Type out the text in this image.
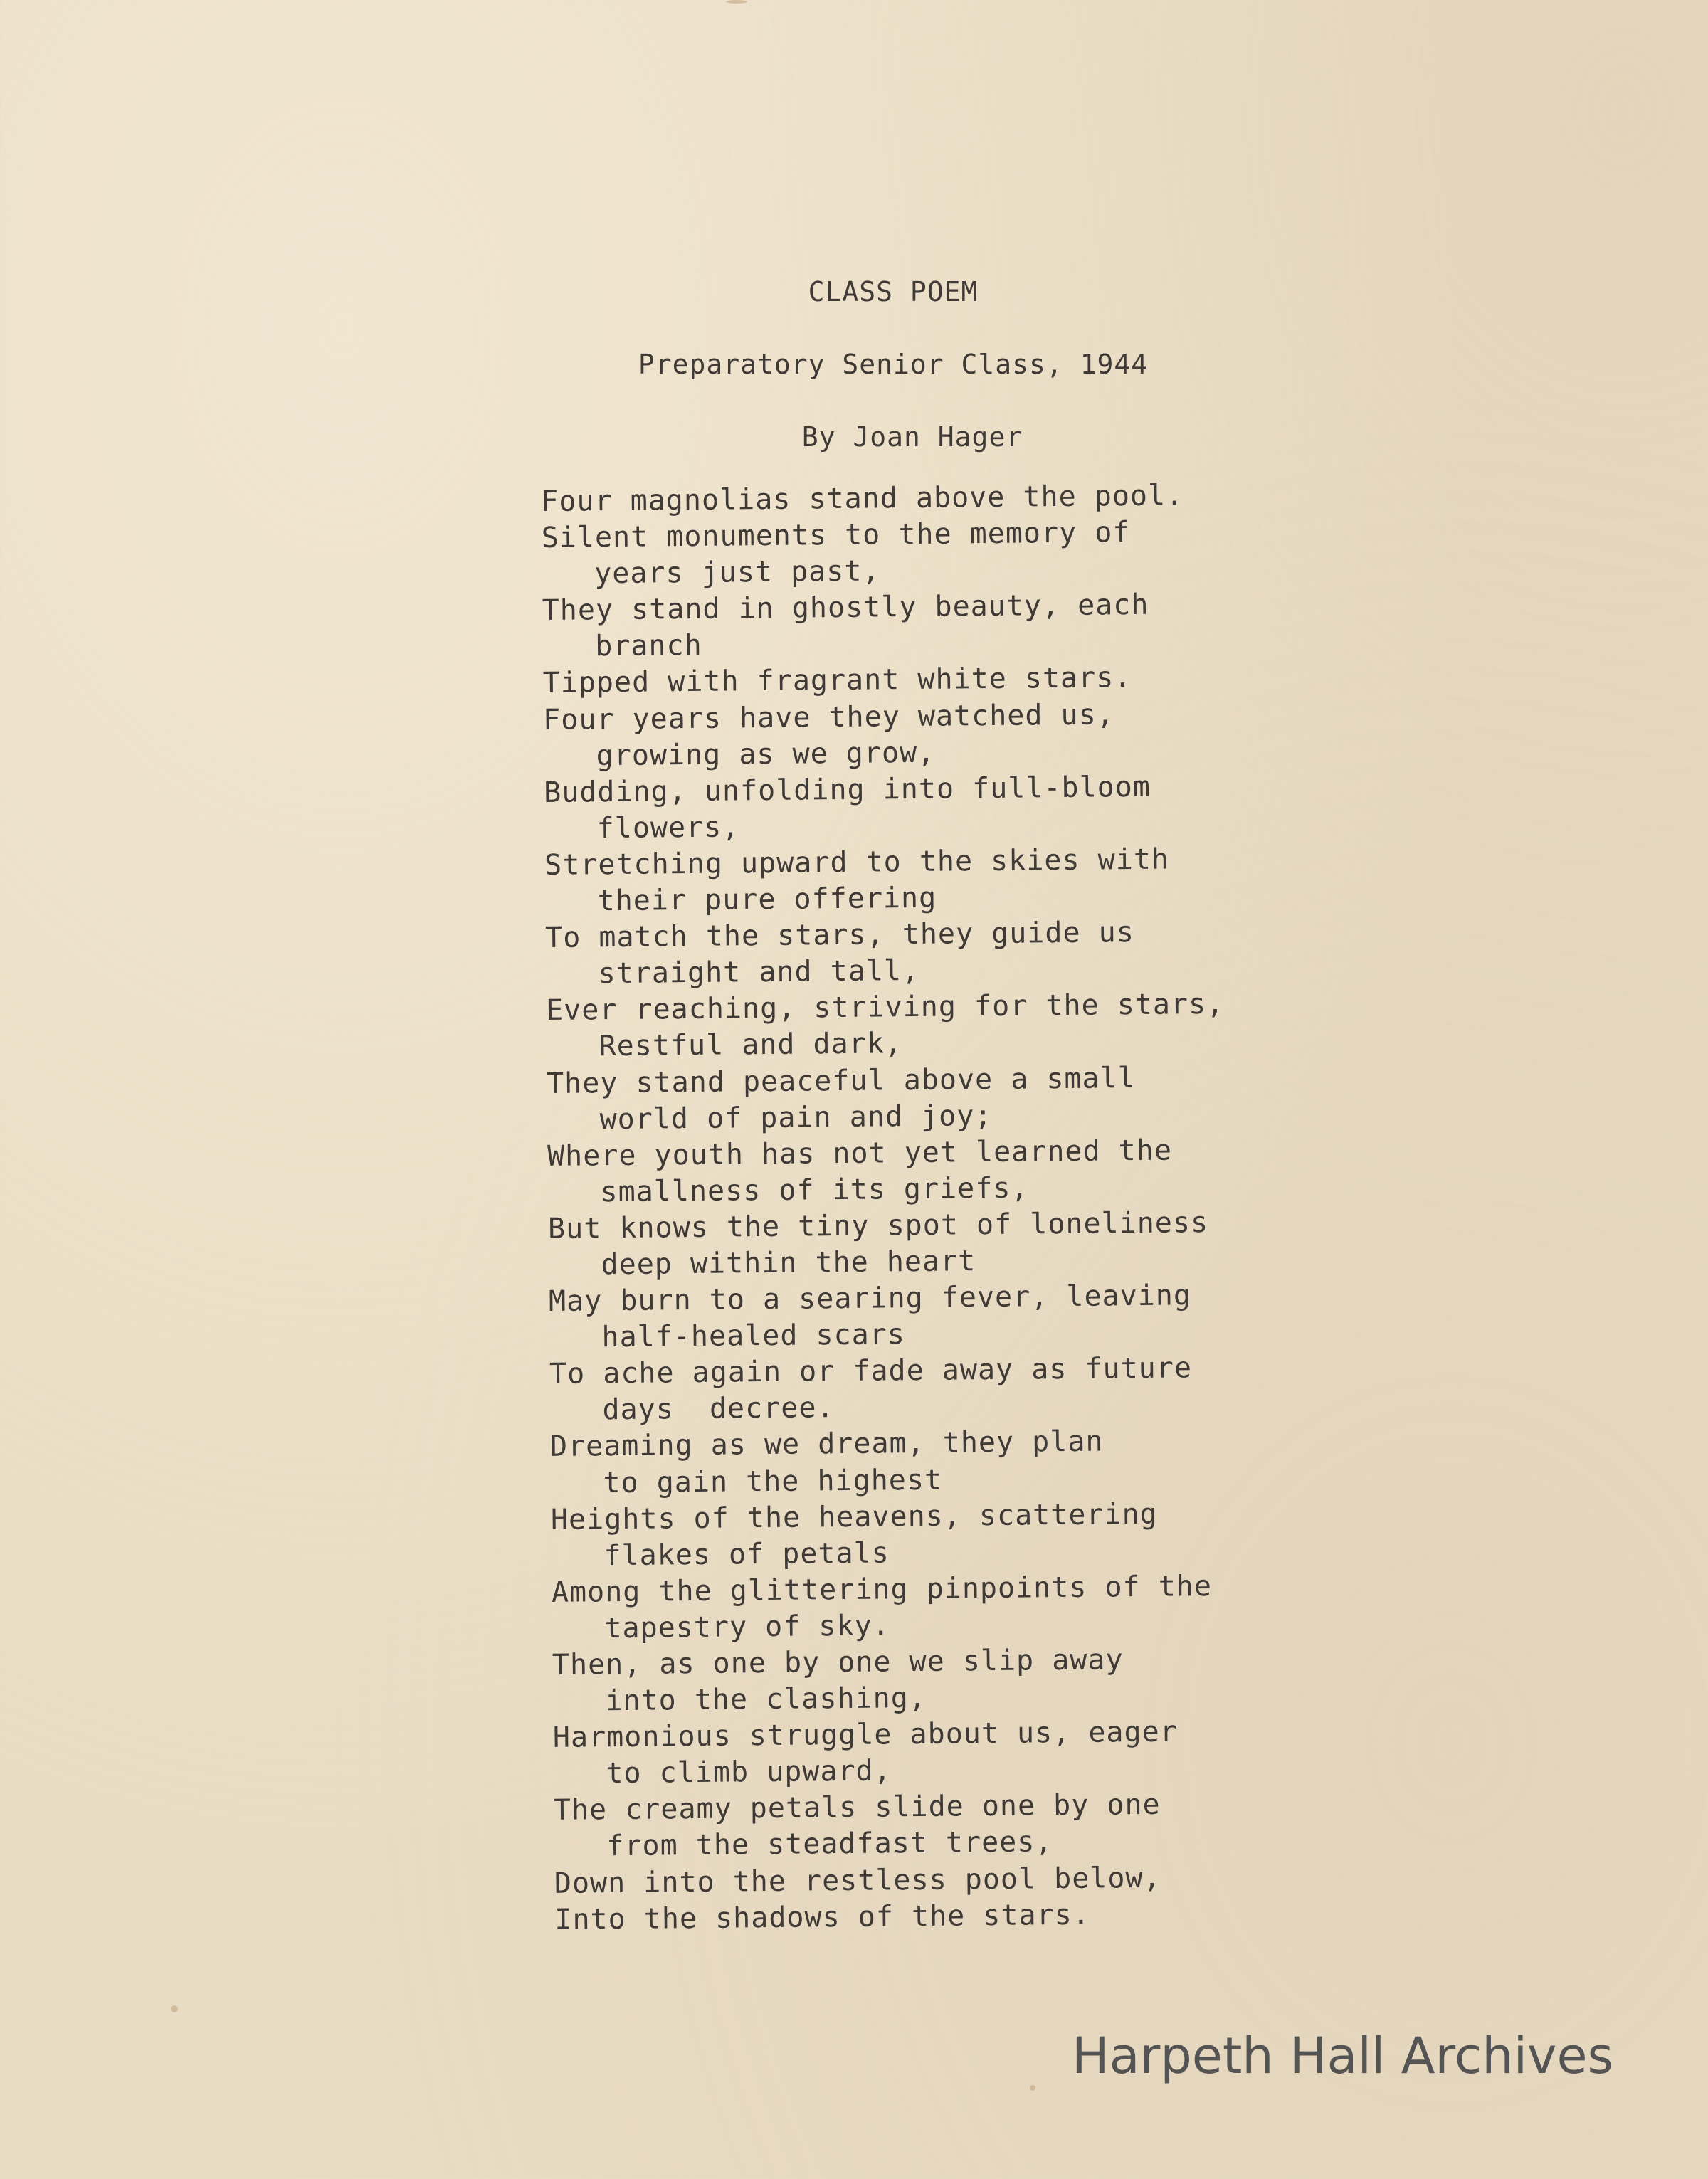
CLASS POEM
Preparatory Senior Class, 1944
By Joan Hager
Four magnolias stand above the pool.
Silent monuments to the memory of
years just past,
They stand in ghostly beauty, each
branch
Tipped with fragrant white stars.
Four years have they watched us,
growing as we grow,
Budding, unfolding into full-bloom
flowers,
Stretching upward to the skies with
their pure offering
To match the stars, they guide us
straight and tall,
Ever reaching, striving for the stars,
Restful and dark,
They stand peaceful above a small
world of pain and joy;
Where youth has not yet learned the
smallness of its griefs,
But knows the tiny spot of loneliness
deep within the heart
May burn to a searing fever, leaving
half-healed scars
To ache again or fade away as future
days  decree.
Dreaming as we dream, they plan
to gain the highest
Heights of the heavens, scattering
flakes of petals
Among the glittering pinpoints of the
tapestry of sky.
Then, as one by one we slip away
into the clashing,
Harmonious struggle about us, eager
to climb upward,
The creamy petals slide one by one
from the steadfast trees,
Down into the restless pool below,
Into the shadows of the stars.
Harpeth Hall Archives
